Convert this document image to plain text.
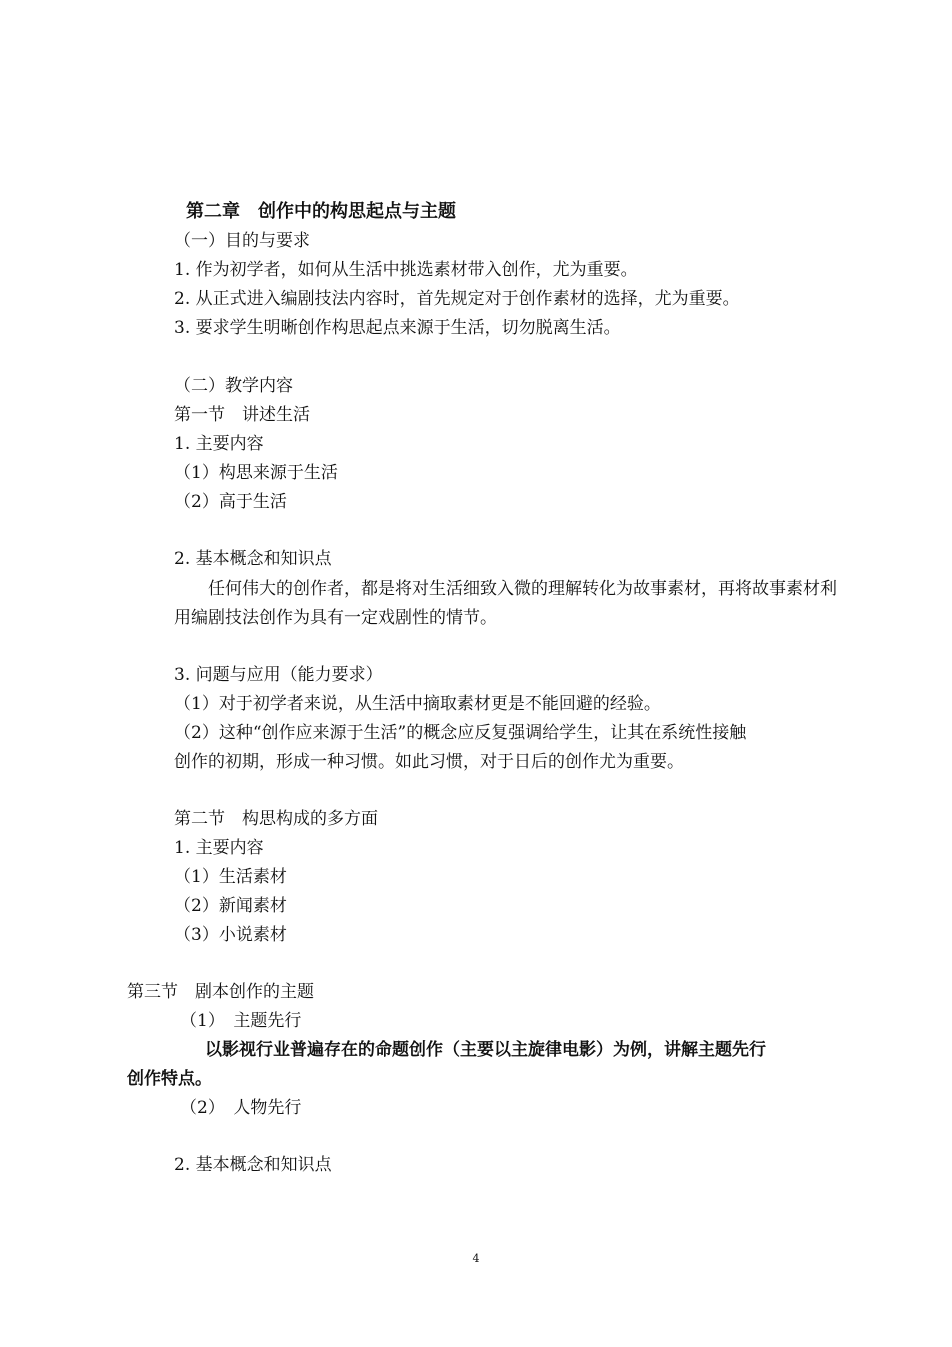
第二章　创作中的构思起点与主题
（一）目的与要求
1. 作为初学者，如何从生活中挑选素材带入创作，尤为重要。
2. 从正式进入编剧技法内容时，首先规定对于创作素材的选择，尤为重要。
3. 要求学生明晰创作构思起点来源于生活，切勿脱离生活。
（二）教学内容
第一节　讲述生活
1. 主要内容
（1）构思来源于生活
（2）高于生活
2. 基本概念和知识点
任何伟大的创作者，都是将对生活细致入微的理解转化为故事素材，再将故事素材利用编剧技法创作为具有一定戏剧性的情节。
3. 问题与应用（能力要求）
（1）对于初学者来说，从生活中摘取素材更是不能回避的经验。
（2）这种“创作应来源于生活”的概念应反复强调给学生，让其在系统性接触
创作的初期，形成一种习惯。如此习惯，对于日后的创作尤为重要。
第二节　构思构成的多方面
1. 主要内容
（1）生活素材
（2）新闻素材
（3）小说素材
第三节　剧本创作的主题
（1）　主题先行
以影视行业普遍存在的命题创作（主要以主旋律电影）为例，讲解主题先行
创作特点。
（2）　人物先行
2. 基本概念和知识点
4
